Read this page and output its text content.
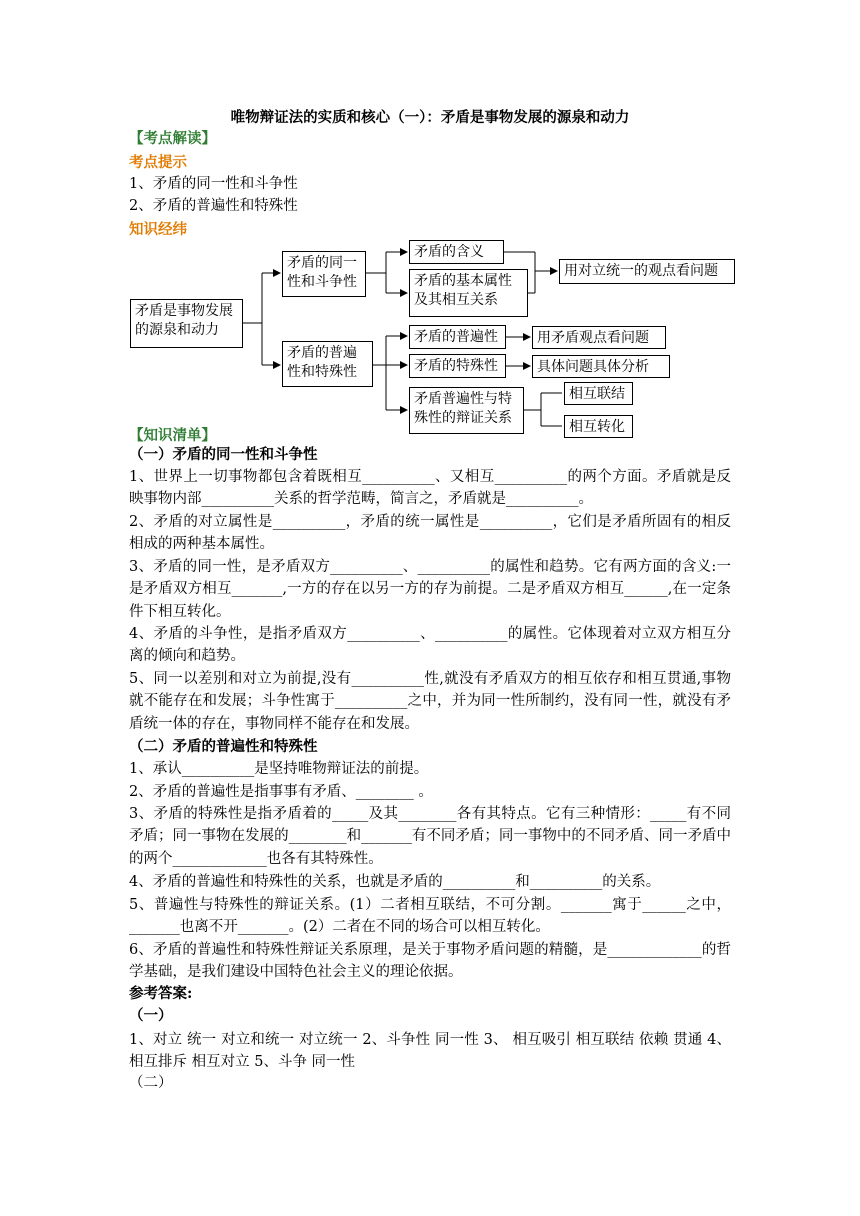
唯物辩证法的实质和核心（一）：矛盾是事物发展的源泉和动力
【考点解读】
考点提示
1、矛盾的同一性和斗争性
2、矛盾的普遍性和特殊性
知识经纬
矛盾是事物发展
的源泉和动力
矛盾的同一
性和斗争性
矛盾的普遍
性和特殊性
矛盾的含义
矛盾的基本属性
及其相互关系
用对立统一的观点看问题
矛盾的普遍性
矛盾的特殊性
矛盾普遍性与特
殊性的辩证关系
用矛盾观点看问题
具体问题具体分析
相互联结
相互转化
【知识清单】
（一）矛盾的同一性和斗争性
1、世界上一切事物都包含着既相互__________、又相互__________的两个方面。矛盾就是反映事物内部__________关系的哲学范畴，简言之，矛盾就是__________。
2、矛盾的对立属性是__________，矛盾的统一属性是__________，它们是矛盾所固有的相反相成的两种基本属性。
3、矛盾的同一性，是矛盾双方__________、__________的属性和趋势。它有两方面的含义:一是矛盾双方相互_______,一方的存在以另一方的存为前提。二是矛盾双方相互______,在一定条件下相互转化。
4、矛盾的斗争性，是指矛盾双方__________、__________的属性。它体现着对立双方相互分离的倾向和趋势。
5、同一以差别和对立为前提,没有__________性,就没有矛盾双方的相互依存和相互贯通,事物就不能存在和发展；斗争性寓于__________之中，并为同一性所制约，没有同一性，就没有矛盾统一体的存在，事物同样不能存在和发展。
（二）矛盾的普遍性和特殊性
1、承认__________是坚持唯物辩证法的前提。
2、矛盾的普遍性是指事事有矛盾、________ 。
3、矛盾的特殊性是指矛盾着的_____及其________各有其特点。它有三种情形：_____有不同矛盾；同一事物在发展的________和_______有不同矛盾；同一事物中的不同矛盾、同一矛盾中的两个_____________也各有其特殊性。
4、矛盾的普遍性和特殊性的关系，也就是矛盾的__________和__________的关系。
5、普遍性与特殊性的辩证关系。(1）二者相互联结，不可分割。_______寓于______之中，_______也离不开_______。(2）二者在不同的场合可以相互转化。
6、矛盾的普遍性和特殊性辩证关系原理，是关于事物矛盾问题的精髓，是_____________的哲学基础，是我们建设中国特色社会主义的理论依据。
参考答案:
（一）
1、对立 统一 对立和统一 对立统一 2、斗争性 同一性 3、 相互吸引 相互联结 依赖 贯通 4、相互排斥 相互对立 5、斗争 同一性
（二）
